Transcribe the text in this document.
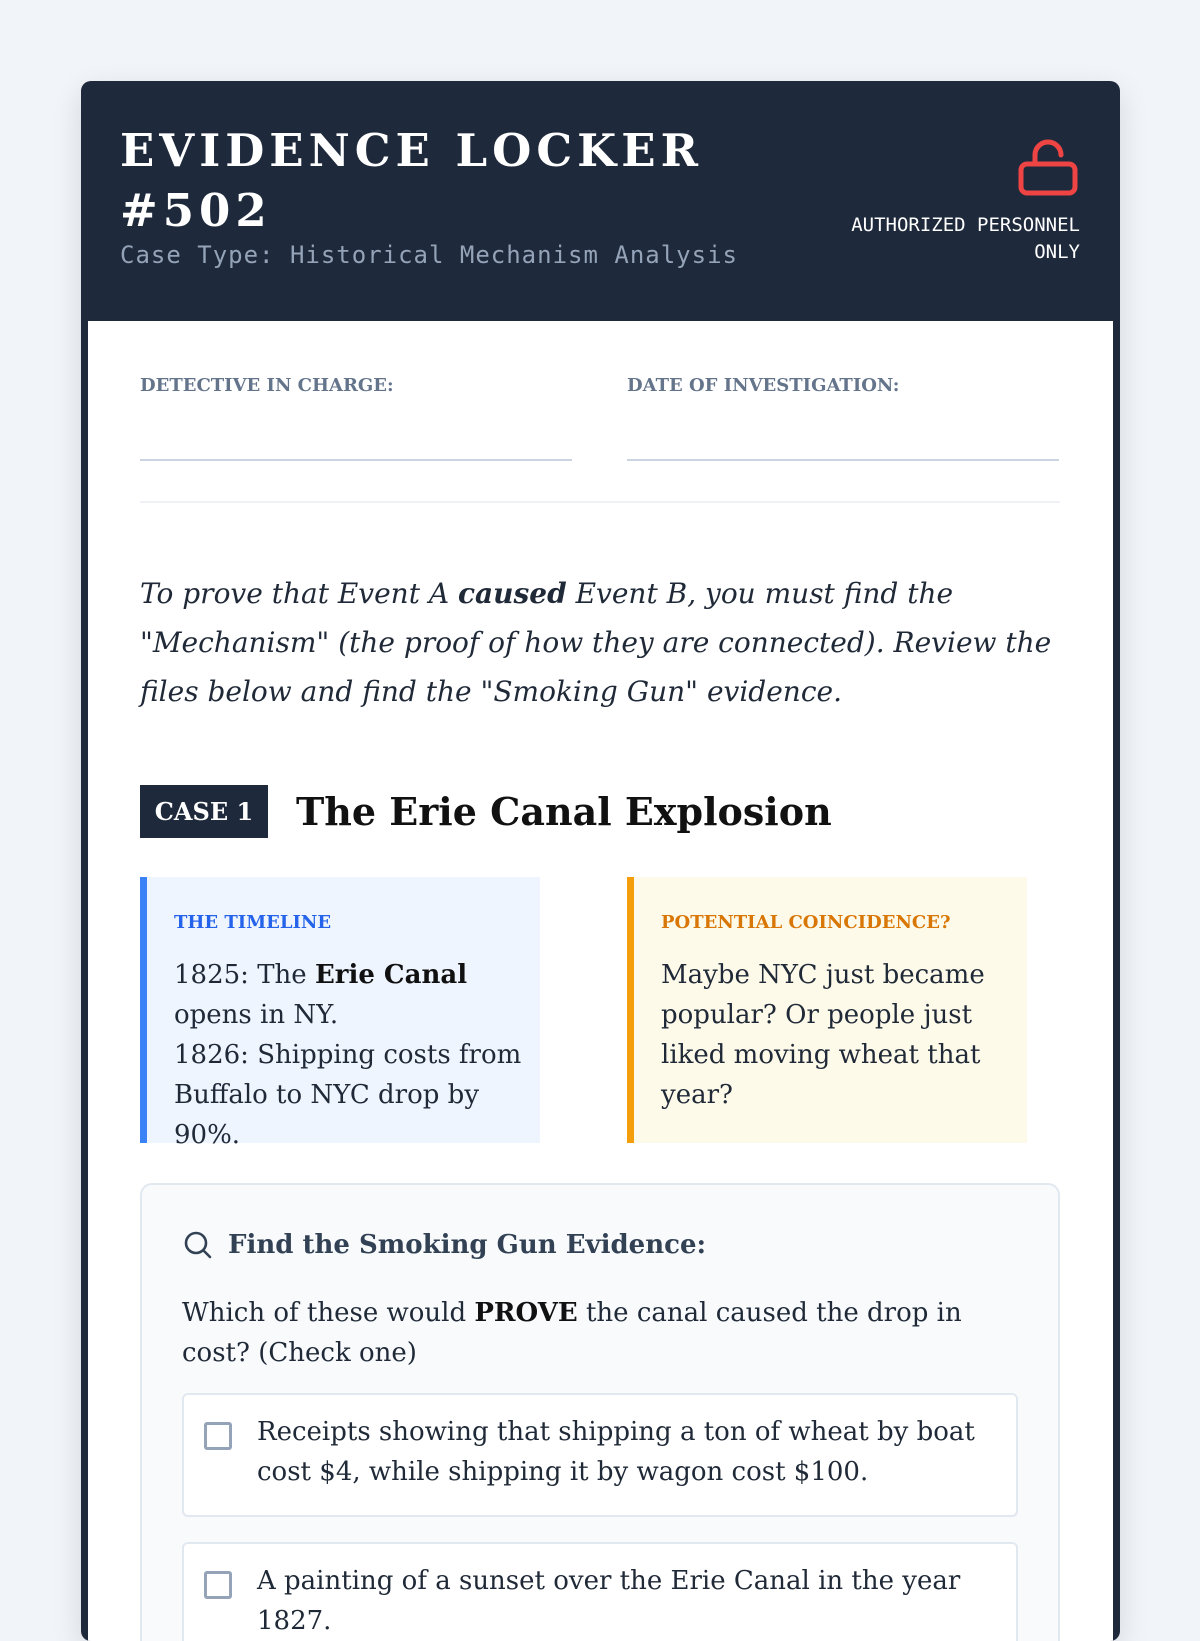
EVIDENCE LOCKER #502
Case Type: Historical Mechanism Analysis
AUTHORIZED PERSONNEL ONLY
DETECTIVE IN CHARGE:	DATE OF INVESTIGATION:

To prove that Event A caused Event B, you must find the "Mechanism" (the proof of how they are connected). Review the files below and find the "Smoking Gun" evidence.

CASE 1	The Erie Canal Explosion
THE TIMELINE
1825: The Erie Canal opens in NY.
1826: Shipping costs from Buffalo to NYC drop by 90%.
POTENTIAL COINCIDENCE?
Maybe NYC just became popular? Or people just liked moving wheat that year?
Find the Smoking Gun Evidence:

Which of these would PROVE the canal caused the drop in cost? (Check one)

Receipts showing that shipping a ton of wheat by boat cost $4, while shipping it by wagon cost $100.
A painting of a sunset over the Erie Canal in the year 1827.
